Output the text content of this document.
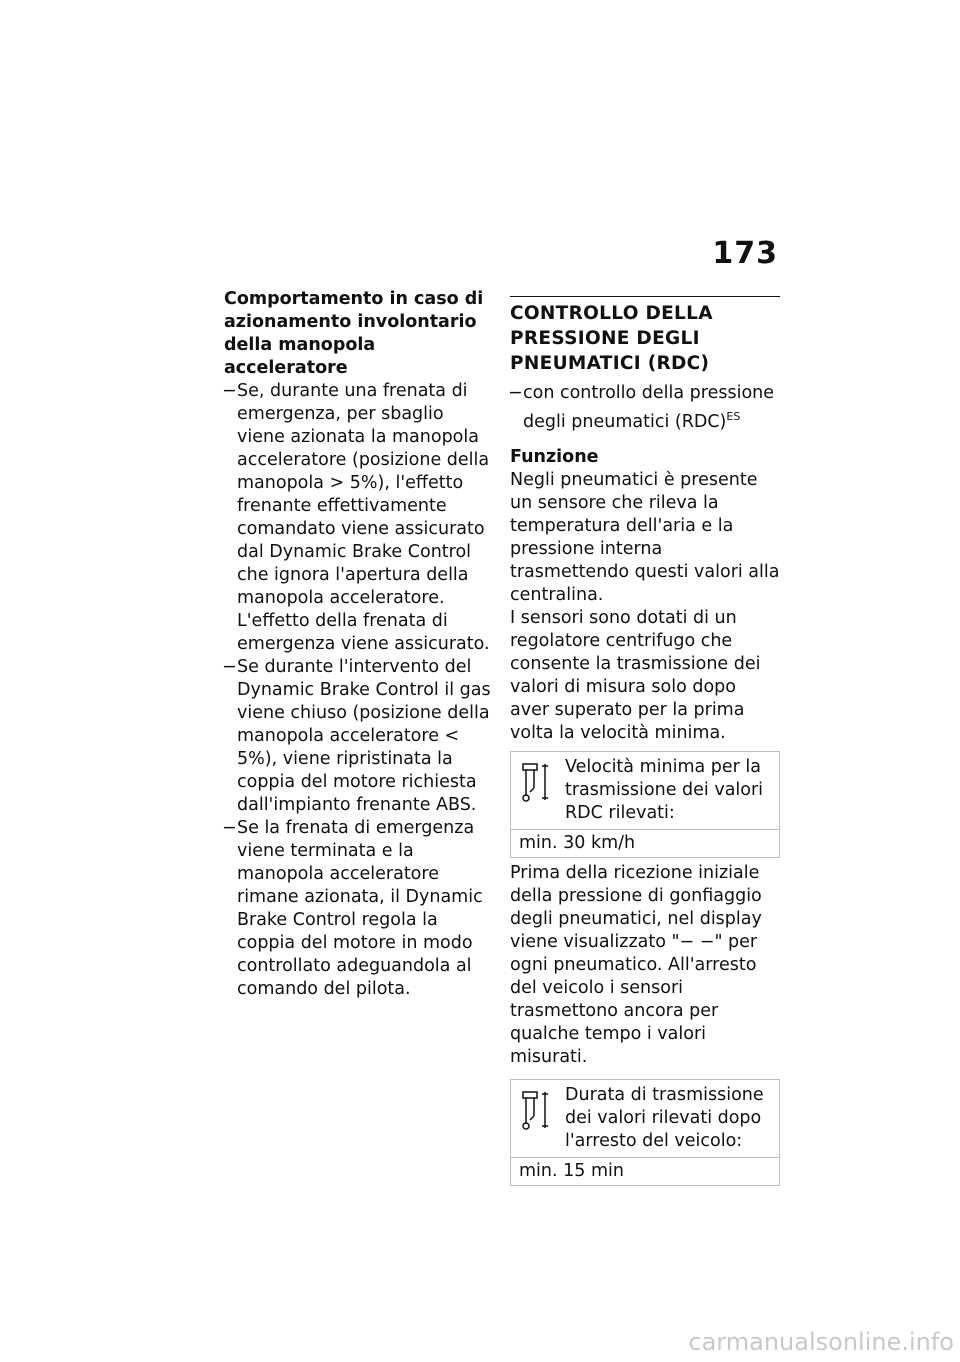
173

Comportamento in caso di azionamento involontario della manopola acceleratore

− Se, durante una frenata di emergenza, per sbaglio viene azionata la manopola acceleratore (posizione della manopola > 5%), l'effetto frenante effettivamente comandato viene assicurato dal Dynamic Brake Control che ignora l'apertura della manopola acceleratore. L'effetto della frenata di emergenza viene assicurato.

− Se durante l'intervento del Dynamic Brake Control il gas viene chiuso (posizione della manopola acceleratore < 5%), viene ripristinata la coppia del motore richiesta dall'impianto frenante ABS.

− Se la frenata di emergenza viene terminata e la manopola acceleratore rimane azionata, il Dynamic Brake Control regola la coppia del motore in modo controllato adeguandola al comando del pilota.

CONTROLLO DELLA PRESSIONE DEGLI PNEUMATICI (RDC)

− con controllo della pressione degli pneumatici (RDC)$^{ES}$

Funzione

Negli pneumatici è presente un sensore che rileva la temperatura dell'aria e la pressione interna trasmettendo questi valori alla centralina.

I sensori sono dotati di un regolatore centrifugo che consente la trasmissione dei valori di misura solo dopo aver superato per la prima volta la velocità minima.

Velocità minima per la trasmissione dei valori RDC rilevati:
min. 30 km/h

Prima della ricezione iniziale della pressione di gonfiaggio degli pneumatici, nel display viene visualizzato "− −" per ogni pneumatico. All'arresto del veicolo i sensori trasmettono ancora per qualche tempo i valori misurati.

Durata di trasmissione dei valori rilevati dopo l'arresto del veicolo:
min. 15 min
carmanualsonline.info
